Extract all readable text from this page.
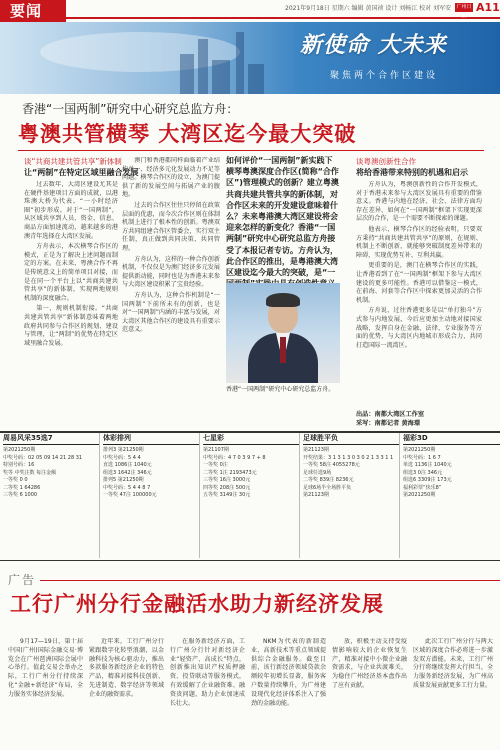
要闻	2021年9月18日 星期六 编辑 黄国祯 设计 刘畅江 校对 刘军安 广州日报
A11
新使命 大未来
聚焦两个合作区建设
香港“一国两制”研究中心研究总监方舟：
粤澳共管横琴 大湾区迄今最大突破
谈“共商共建共管共享”新体制
让“两制”在特定区域里融合发展

过去数年，大湾区建设尤其是在硬件基建项目方面的成就，以港珠澳大桥为代表。“一小时经济圈”初步形成。对于“一国两制”，从区域共享到人员、资金、信息、商品方面加速流动，越来越多的港澳青年选择在大湾区发展。

方舟表示，本次横琴合作区的模式，正是为了解决上述问题而制定的方案。在未来，粤澳合作不再是传统意义上的简单项目对接，而是在同一个平台上以“共商共建共管共享”的新体制，实现两地规则机制的深度融合。

第一，规则机制衔接。“共商共建共管共享”新体制意味着两地政府共同参与合作区的规划、建设与管理，让“两制”的优势在特定区域里融合发展。

澳门和香港都同样面临着产业结构单一、经济多元化发展动力不足等问题。横琴合作区的设立，为澳门提供了新的发展空间与拓展产业的腹地。

过去的合作区往往只停留在政策层面的优惠，而今次合作区则在体制机制上进行了根本性的创新。粤澳双方共同组建合作区管委会，实行双主任制，真正做到共同决策、共同管理。

方舟认为，这样的一种合作创新机制，不仅仅是为澳门经济多元发展提供新动能，同时也是为香港未来参与大湾区建设积累了宝贵经验。

方舟认为，这种合作机制是“一国两制”下前所未有的创新，也是对“一国两制”内涵的丰富与发展，对大湾区其他合作区的建设具有重要示范意义。

如何评价“一国两制”新实践下横琴粤澳深度合作区(简称“合作区”)管理模式的创新？建立粤澳共商共建共管共享的新体制，对合作区未来的开发建设意味着什么？未来粤港澳大湾区建设将会迎来怎样的新变化？香港“一国两制”研究中心研究总监方舟接受了本报记者专访。方舟认为，此合作区的推出，是粤港澳大湾区建设迄今最大的突破，是“一
香港“一国两制”研究中心研究总监方舟。
谈粤澳创新性合作
将给香港带来特别的机遇和启示

方舟认为，粤澳创新性的合作开发模式，对于香港未来参与大湾区发展具有重要的借鉴意义。香港与内地在经济、社会、法律方面均存在差异，如何在“一国两制”框架下实现更深层次的合作，是一个需要不断探索的课题。

他表示，横琴合作区的经验表明，只要双方秉持“共商共建共管共享”的原则，在规则、机制上不断创新，就能够突破制度差异带来的障碍，实现优势互补、互利共赢。

更重要的是，澳门在横琴合作区的实践，让香港看到了在“一国两制”框架下参与大湾区建设的更多可能性。香港可以借鉴这一模式，在前海、河套等合作区中探索更加灵活的合作机制。

方舟说，过往香港更多是以“单打独斗”方式参与内地发展，今后应更加主动地对接国家战略，发挥自身在金融、法律、专业服务等方面的优势，与大湾区内地城市形成合力，共同打造国际一流湾区。

出品：南都大湾区工作室
采写：南都记者 黄海璟
周易风采35选7
第2021250期
中奖号码：02 05 09 14 21 28 31
特别号码：16
奖等 中奖注数 每注金额
一等奖 0 0
二等奖 1 64286
三等奖 6 1000
体彩排列
排列3 第21250期
中奖号码：5 4 4
直选 1086注 1040元
组选3 1642注 346元
排列5 第21250期
中奖号码：5 4 4 8 7
一等奖 47注 100000元
七星彩
第21107期
中奖号码：4 7 0 3 9 7 + 8
一等奖 0注
二等奖 1注 2193473元
三等奖 16注 3000元
四等奖 208注 500元
五等奖 3149注 30元
足球胜平负
第21123期
开奖结果：3 1 3 1 3 0 3 0 2 1 3 3 1 1
一等奖 58注 4055278元
足球任选9场
二等奖 839注 8236元
足球6场半全场胜平负
第21123期
福彩3D
第2021250期
中奖号码：1 6 7
单选 1136注 1040元
组选3 0注 346元
组选6 3309注 173元
福利彩票“快乐8”
第2021250期
广告
工行广州分行金融活水助力新经济发展

9月17—19日，第十届中国(广州)国际金融交易·博览会在广州琶洲国际会展中心举行。值此交易会举办之际，工行广州分行持续深化“金融+新经济”布局，全力服务实体经济发展。

近年来，工行广州分行紧跟数字化转型浪潮，以金融科技为核心驱动力，推出多款服务新经济企业的特色产品，精准对接科技创新、先进制造、数字经济等领域企业的融资需求。

在服务新经济方面，工行广州分行针对新经济企业“轻资产、高成长”特点，创新推出知识产权质押融资、投贷联动等服务模式，有效缓解了企业融资难、融资贵问题，助力企业加速成长壮大。

NKM为代表的新制造业，高新技术等重点领域提供综合金融服务。截至目前，该行新经济领域贷款余额较年初增长显著，服务客户数量持续攀升，为广州建设现代化经济体系注入了强劲的金融动能。

放，积极主动支持受疫情影响较大的企业恢复生产，精准对接中小微企业融资需求，与企业共渡难关，为稳住广州经济基本盘作出了应有贡献。

此次工行广州分行与两大区域的深度合作必将进一步激发双方潜能。未来，工行广州分行将继续发挥大行担当，全力服务新经济发展，为广州高质量发展贡献更多工行力量。
